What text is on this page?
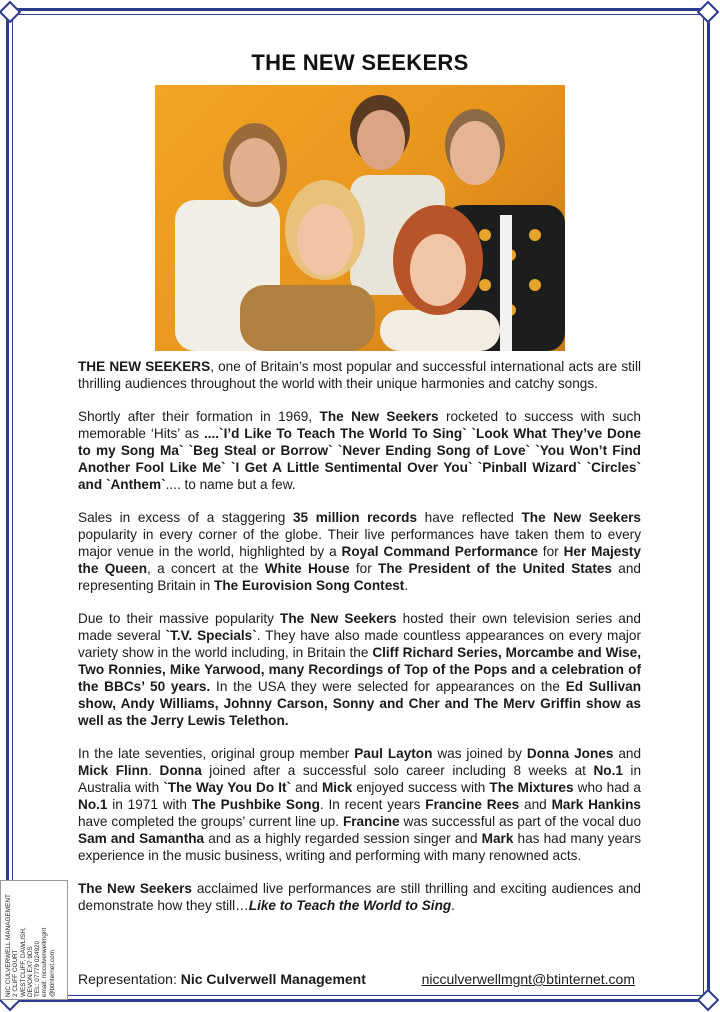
THE NEW SEEKERS

THE NEW SEEKERS, one of Britain’s most popular and successful international acts are still thrilling audiences throughout the world with their unique harmonies and catchy songs.

Shortly after their formation in 1969, The New Seekers rocketed to success with such memorable ‘Hits’ as ....`I’d Like To Teach The World To Sing` `Look What They’ve Done to my Song Ma` `Beg Steal or Borrow` `Never Ending Song of Love` `You Won’t Find Another Fool Like Me` `I Get A Little Sentimental Over You` `Pinball Wizard` `Circles` and `Anthem`.... to name but a few.

Sales in excess of a staggering 35 million records have reflected The New Seekers popularity in every corner of the globe. Their live performances have taken them to every major venue in the world, highlighted by a Royal Command Performance for Her Majesty the Queen, a concert at the White House for The President of the United States and representing Britain in The Eurovision Song Contest.

Due to their massive popularity The New Seekers hosted their own television series and made several `T.V. Specials`. They have also made countless appearances on every major variety show in the world including, in Britain the Cliff Richard Series, Morcambe and Wise, Two Ronnies, Mike Yarwood, many Recordings of Top of the Pops and a celebration of the BBCs’ 50 years. In the USA they were selected for appearances on the Ed Sullivan show, Andy Williams, Johnny Carson, Sonny and Cher and The Merv Griffin show as well as the Jerry Lewis Telethon.

In the late seventies, original group member Paul Layton was joined by Donna Jones and Mick Flinn. Donna joined after a successful solo career including 8 weeks at No.1 in Australia with `The Way You Do It` and Mick enjoyed success with The Mixtures who had a No.1 in 1971 with The Pushbike Song. In recent years Francine Rees and Mark Hankins have completed the groups’ current line up. Francine was successful as part of the vocal duo Sam and Samantha and as a highly regarded session singer and Mark has had many years experience in the music business, writing and performing with many renowned acts.

The New Seekers acclaimed live performances are still thrilling and exciting audiences and demonstrate how they still…Like to Teach the World to Sing.

Representation: Nic Culverwell Management	nicculverwellmgnt@btinternet.com
NIC CULVERWELL MANAGEMENT 2 CLIFF COURT WESTCLIFF, DAWLISH, DEVON EX7 9DS TEL: 07779 024920 email: nicculverwellmgnt @btinternet.com
